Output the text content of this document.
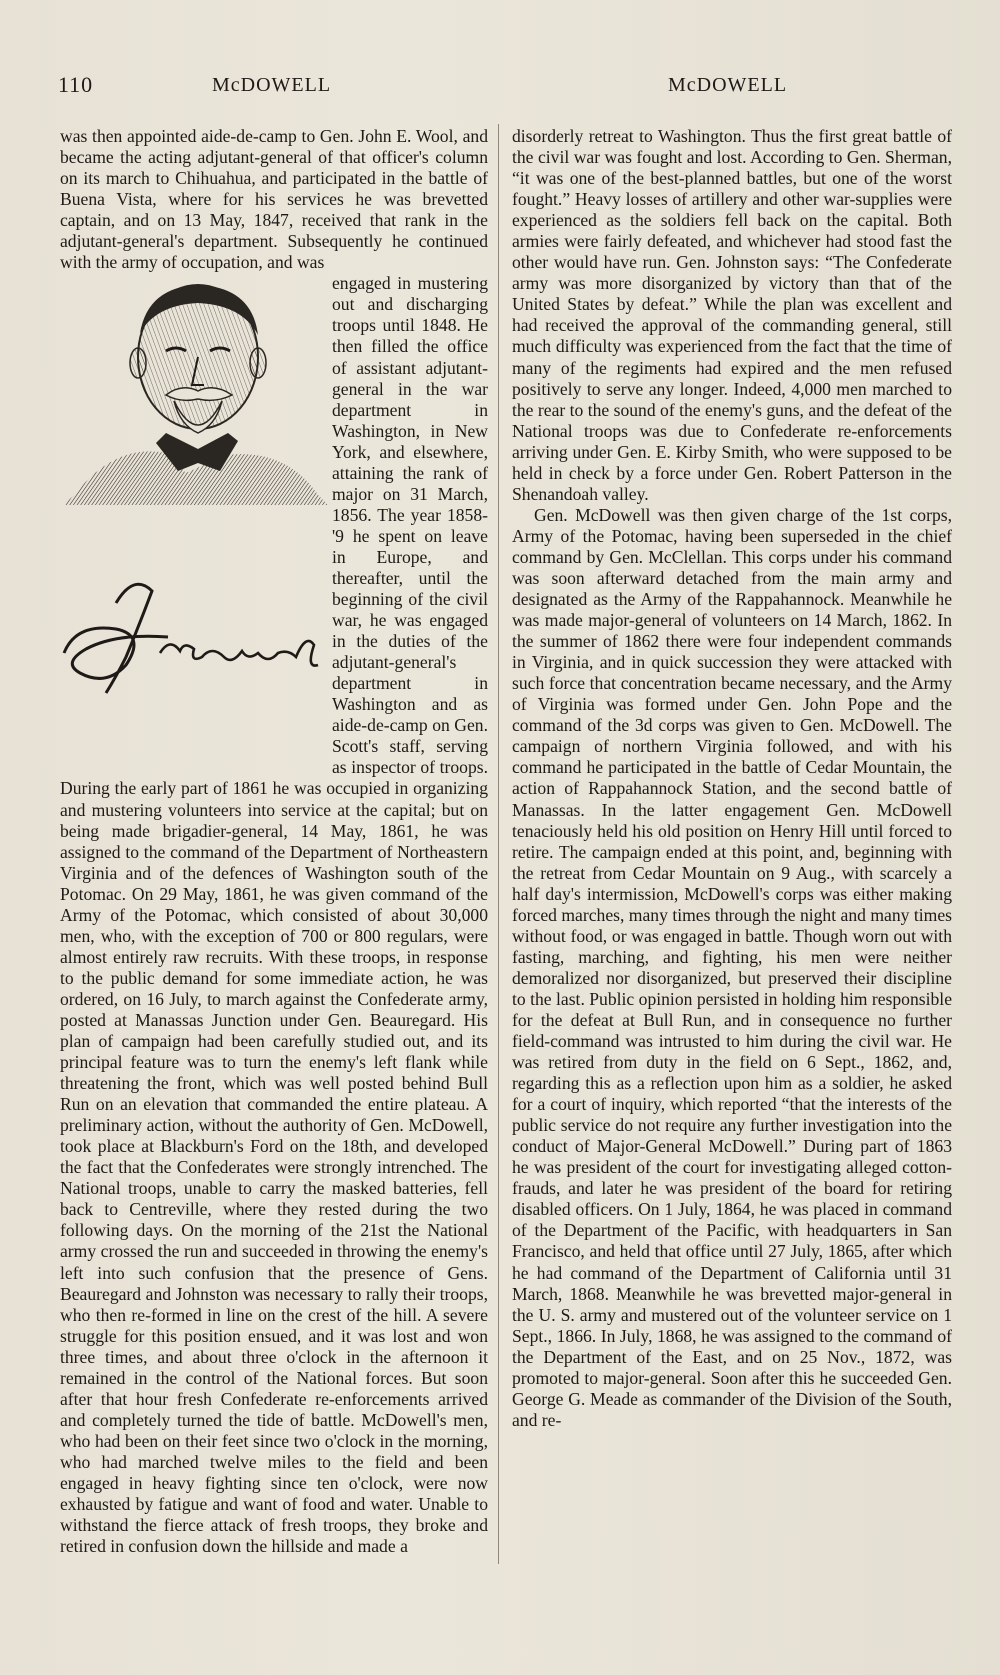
110	McDOWELL	McDOWELL

was then appointed aide-de-camp to Gen. John E. Wool, and became the acting adjutant-general of that officer's column on its march to Chihuahua, and participated in the battle of Buena Vista, where for his services he was brevetted captain, and on 13 May, 1847, received that rank in the adjutant-general's department. Subsequently he continued with the army of occupation, and was

I McDowell	engaged in mustering out and discharging troops until 1848. He then filled the office of assistant adjutant-general in the war department in Washington, in New York, and elsewhere, attaining the rank of major on 31 March, 1856. The year 1858-'9 he spent on leave in Europe, and thereafter, until the beginning of the civil war, he was engaged in the duties of the adjutant-general's department in Washington and as aide-de-camp on Gen. Scott's staff, serving as inspector of troops. During the early part of 1861 he was occupied in organizing and mustering volunteers into service at the capital; but on being made brigadier-general, 14 May, 1861, he was assigned to the command of the Department of Northeastern Virginia and of the defences of Washington south of the Potomac. On 29 May, 1861, he was given command of the Army of the Potomac, which consisted of about 30,000 men, who, with the exception of 700 or 800 regulars, were almost entirely raw recruits. With these troops, in response to the public demand for some immediate action, he was ordered, on 16 July, to march against the Confederate army, posted at Manassas Junction under Gen. Beauregard. His plan of campaign had been carefully studied out, and its principal feature was to turn the enemy's left flank while threatening the front, which was well posted behind Bull Run on an elevation that commanded the entire plateau. A preliminary action, without the authority of Gen. McDowell, took place at Blackburn's Ford on the 18th, and developed the fact that the Confederates were strongly intrenched. The National troops, unable to carry the masked batteries, fell back to Centreville, where they rested during the two following days. On the morning of the 21st the National army crossed the run and succeeded in throwing the enemy's left into such confusion that the presence of Gens. Beauregard and Johnston was necessary to rally their troops, who then re-formed in line on the crest of the hill. A severe struggle for this position ensued, and it was lost and won three times, and about three o'clock in the afternoon it remained in the control of the National forces. But soon after that hour fresh Confederate re-enforcements arrived and completely turned the tide of battle. McDowell's men, who had been on their feet since two o'clock in the morning, who had marched twelve miles to the field and been engaged in heavy fighting since ten o'clock, were now exhausted by fatigue and want of food and water. Unable to withstand the fierce attack of fresh troops, they broke and retired in confusion down the hillside and made a

disorderly retreat to Washington. Thus the first great battle of the civil war was fought and lost. According to Gen. Sherman, “it was one of the best-planned battles, but one of the worst fought.” Heavy losses of artillery and other war-supplies were experienced as the soldiers fell back on the capital. Both armies were fairly defeated, and whichever had stood fast the other would have run. Gen. Johnston says: “The Confederate army was more disorganized by victory than that of the United States by defeat.” While the plan was excellent and had received the approval of the commanding general, still much difficulty was experienced from the fact that the time of many of the regiments had expired and the men refused positively to serve any longer. Indeed, 4,000 men marched to the rear to the sound of the enemy's guns, and the defeat of the National troops was due to Confederate re-enforcements arriving under Gen. E. Kirby Smith, who were supposed to be held in check by a force under Gen. Robert Patterson in the Shenandoah valley.

Gen. McDowell was then given charge of the 1st corps, Army of the Potomac, having been superseded in the chief command by Gen. McClellan. This corps under his command was soon afterward detached from the main army and designated as the Army of the Rappahannock. Meanwhile he was made major-general of volunteers on 14 March, 1862. In the summer of 1862 there were four independent commands in Virginia, and in quick succession they were attacked with such force that concentration became necessary, and the Army of Virginia was formed under Gen. John Pope and the command of the 3d corps was given to Gen. McDowell. The campaign of northern Virginia followed, and with his command he participated in the battle of Cedar Mountain, the action of Rappahannock Station, and the second battle of Manassas. In the latter engagement Gen. McDowell tenaciously held his old position on Henry Hill until forced to retire. The campaign ended at this point, and, beginning with the retreat from Cedar Mountain on 9 Aug., with scarcely a half day's intermission, McDowell's corps was either making forced marches, many times through the night and many times without food, or was engaged in battle. Though worn out with fasting, marching, and fighting, his men were neither demoralized nor disorganized, but preserved their discipline to the last. Public opinion persisted in holding him responsible for the defeat at Bull Run, and in consequence no further field-command was intrusted to him during the civil war. He was retired from duty in the field on 6 Sept., 1862, and, regarding this as a reflection upon him as a soldier, he asked for a court of inquiry, which reported “that the interests of the public service do not require any further investigation into the conduct of Major-General McDowell.” During part of 1863 he was president of the court for investigating alleged cotton-frauds, and later he was president of the board for retiring disabled officers. On 1 July, 1864, he was placed in command of the Department of the Pacific, with headquarters in San Francisco, and held that office until 27 July, 1865, after which he had command of the Department of California until 31 March, 1868. Meanwhile he was brevetted major-general in the U. S. army and mustered out of the volunteer service on 1 Sept., 1866. In July, 1868, he was assigned to the command of the Department of the East, and on 25 Nov., 1872, was promoted to major-general. Soon after this he succeeded Gen. George G. Meade as commander of the Division of the South, and re-
